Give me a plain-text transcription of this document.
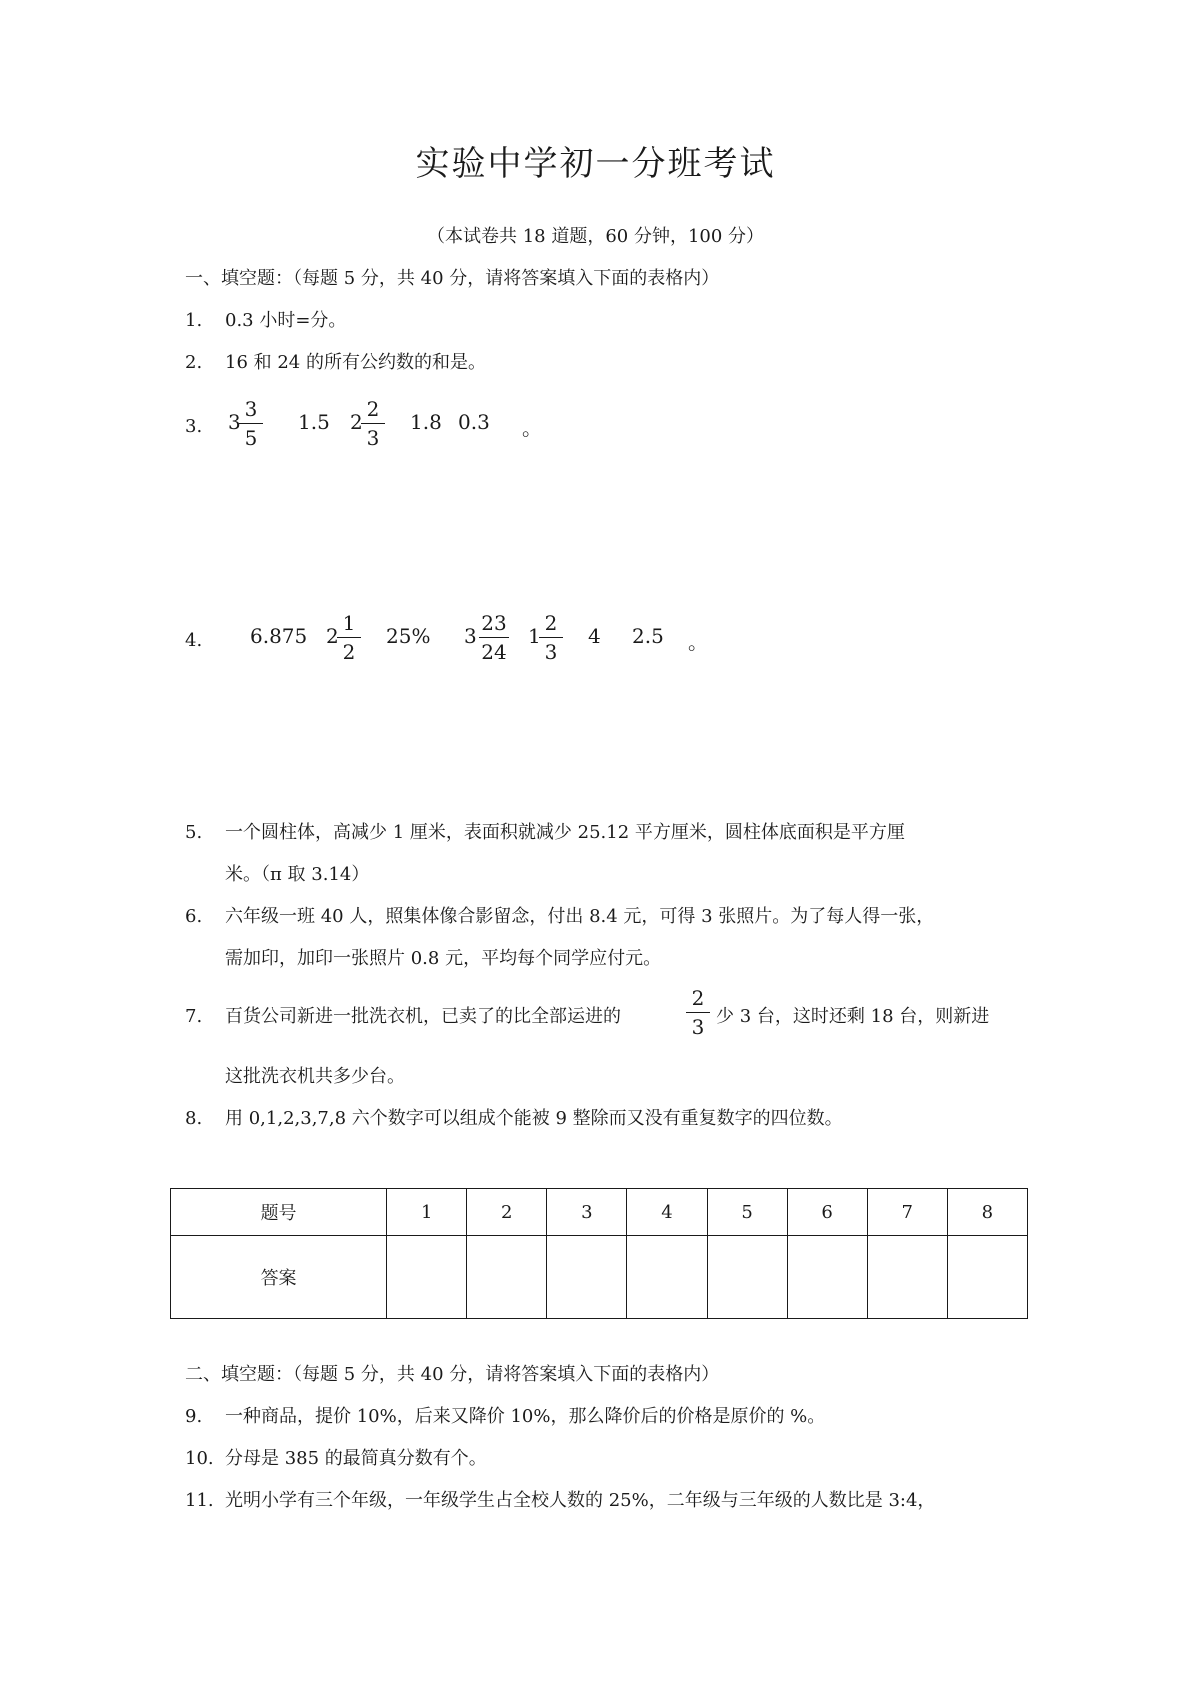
实验中学初一分班考试
（本试卷共 18 道题，60 分钟，100 分）
一、填空题：（每题 5 分，共 40 分，请将答案填入下面的表格内）
1. 0.3 小时=分。
2. 16 和 24 的所有公约数的和是。
3. 3
3
5
1.5 2
2
3
1.8 0.3 。
4. 6.875 2
1
2
25% 3
23
24
1
2
3
4 2.5 。
5. 一个圆柱体，高减少 1 厘米，表面积就减少 25.12 平方厘米，圆柱体底面积是平方厘
米。（π 取 3.14）
6. 六年级一班 40 人，照集体像合影留念，付出 8.4 元，可得 3 张照片。为了每人得一张，
需加印，加印一张照片 0.8 元，平均每个同学应付元。
7. 百货公司新进一批洗衣机，已卖了的比全部运进的
2
3 少 3 台，这时还剩 18 台，则新进
这批洗衣机共多少台。
8. 用 0,1,2,3,7,8 六个数字可以组成个能被 9 整除而又没有重复数字的四位数。
题号	1	2	3	4	5	6	7	8
答案								
二、填空题：（每题 5 分，共 40 分，请将答案填入下面的表格内）
9. 一种商品，提价 10%，后来又降价 10%，那么降价后的价格是原价的 %。
10. 分母是 385 的最简真分数有个。
11. 光明小学有三个年级，一年级学生占全校人数的 25%，二年级与三年级的人数比是 3:4，
